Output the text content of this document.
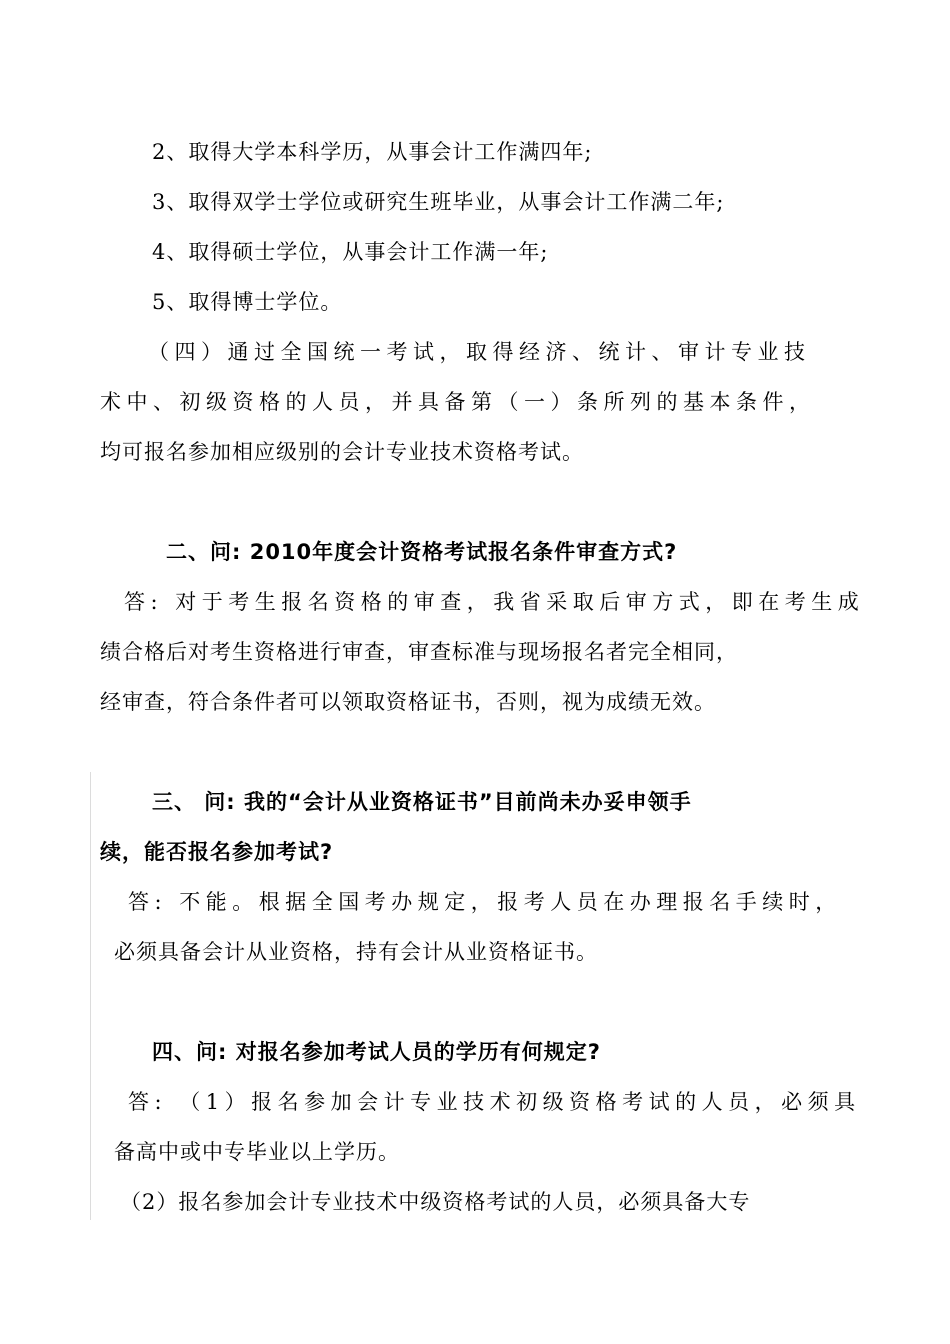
2、取得大学本科学历，从事会计工作满四年;
3、取得双学士学位或研究生班毕业，从事会计工作满二年;
4、取得硕士学位，从事会计工作满一年;
5、取得博士学位。
（四）通过全国统一考试，取得经济、统计、审计专业技
术中、初级资格的人员，并具备第（一）条所列的基本条件，
均可报名参加相应级别的会计专业技术资格考试。
二、问: 2010年度会计资格考试报名条件审查方式?
答: 对于考生报名资格的审查，我省采取后审方式，即在考生成
绩合格后对考生资格进行审查，审查标准与现场报名者完全相同，
经审查，符合条件者可以领取资格证书，否则，视为成绩无效。
三、 问: 我的“会计从业资格证书”目前尚未办妥申领手
续，能否报名参加考试?
答: 不能。根据全国考办规定，报考人员在办理报名手续时，
必须具备会计从业资格，持有会计从业资格证书。
四、问: 对报名参加考试人员的学历有何规定?
答: （1）报名参加会计专业技术初级资格考试的人员，必须具
备高中或中专毕业以上学历。
（2）报名参加会计专业技术中级资格考试的人员，必须具备大专
